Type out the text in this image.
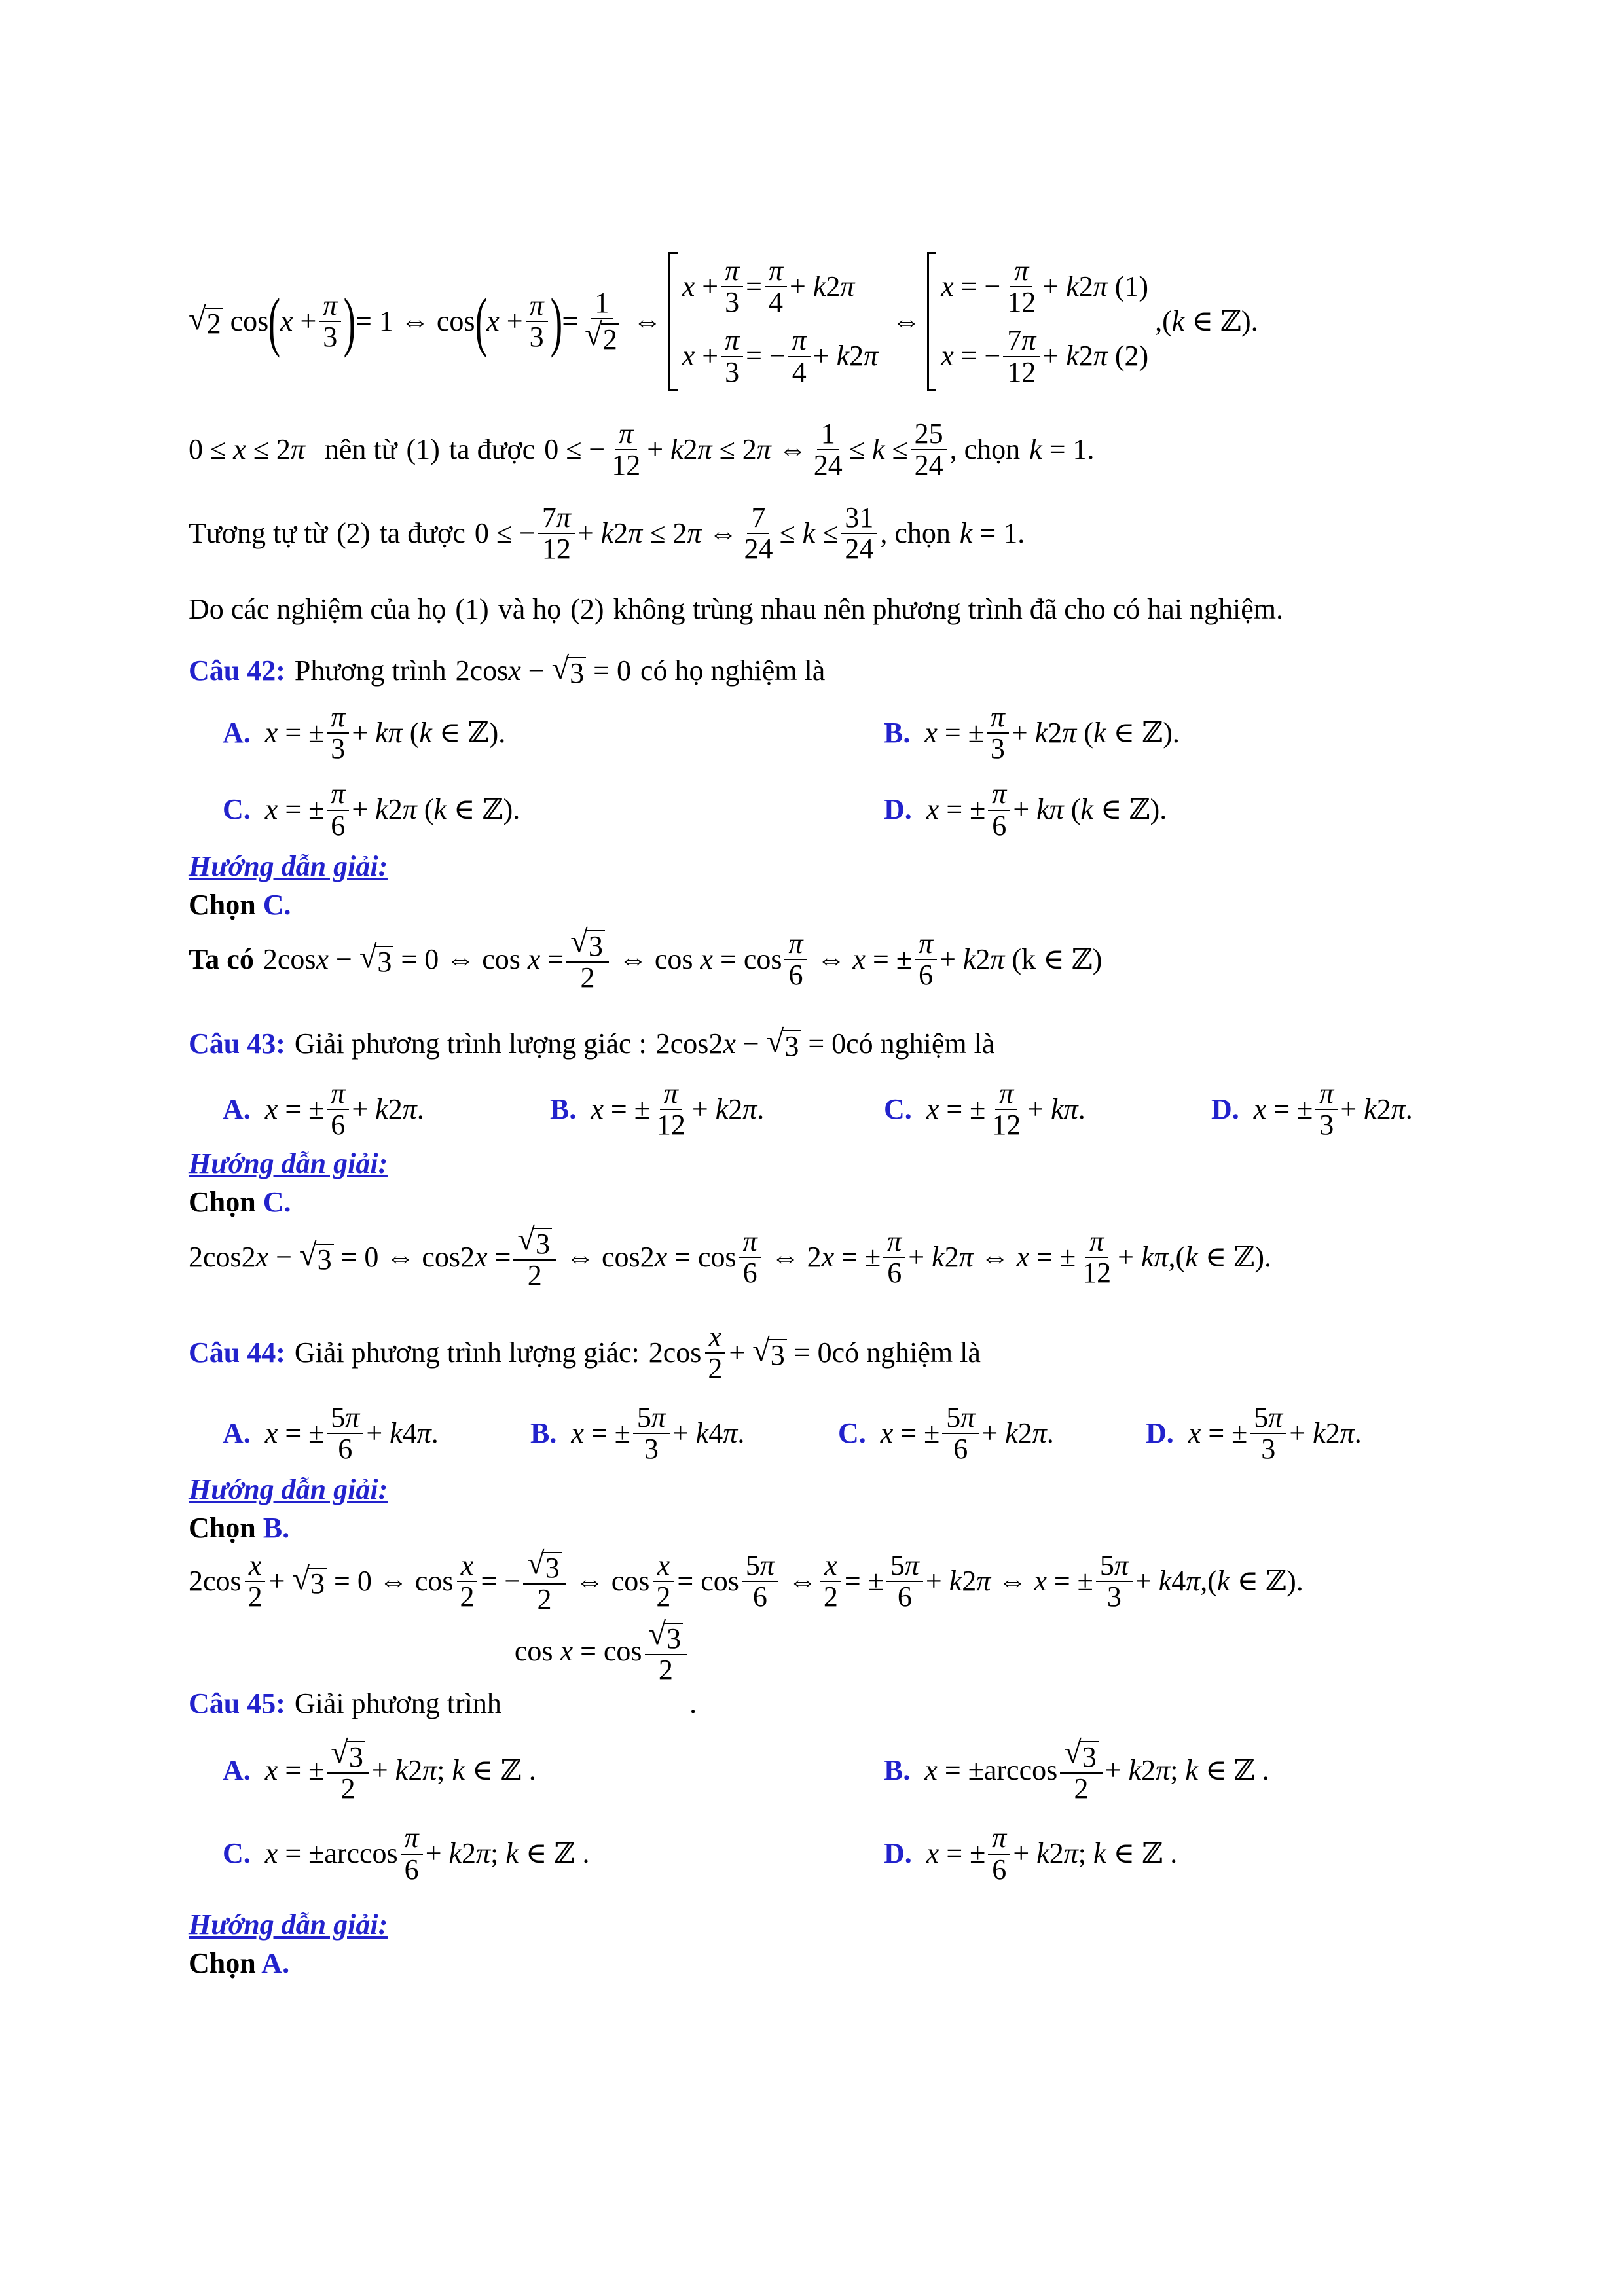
√ 2 cos ( $x + \frac{\pi}{3}$ ) = 1 ⇔ cos ( $x + \frac{\pi}{3}$ ) = $\frac{1}{√ 2}$ ⇔
$x + \frac{\pi}{3} = \frac{\pi}{4} + k$ 2 π
$x + \frac{\pi}{3}$ = − $\frac{\pi}{4} + k$ 2 π
⇔
x = − $\frac{\pi}{12} + k$ 2 π (1)
x = − $\frac{7\pi}{12} + k$ 2 π (2)
,( k ∈ ℤ).
0 ≤ x ≤ 2 π nên từ (1) ta được 0 ≤ − $\frac{\pi}{12} + k$ 2 π ≤ 2 π ⇔ $\frac{1}{24} \le k \le \frac{25}{24}$ , chọn k = 1.
Tương tự từ (2) ta được 0 ≤ − $\frac{7\pi}{12} + k$ 2 π ≤ 2 π ⇔ $\frac{7}{24} \le k \le \frac{31}{24}$ , chọn k = 1.
Do các nghiệm của họ (1) và họ (2) không trùng nhau nên phương trình đã cho có hai nghiệm.
Câu 42: Phương trình 2cos x − √ 3 = 0 có họ nghiệm là
A. x = ± $\frac{\pi}{3} + k\pi$ ( k ∈ ℤ).	B. x = ± $\frac{\pi}{3} + k$ 2 π ( k ∈ ℤ).
C. x = ± $\frac{\pi}{6} + k$ 2 π ( k ∈ ℤ).	D. x = ± $\frac{\pi}{6} + k\pi$ ( k ∈ ℤ).
Hướng dẫn giải:
Chọn C.
Ta có 2cos x − √ 3 = 0 ⇔ $\cos x = \frac{√ 3}{2}$ ⇔ $\cos x = \cos \frac{\pi}{6}$ ⇔ x = ± $\frac{\pi}{6} + k$ 2 π (k ∈ ℤ)
Câu 43: Giải phương trình lượng giác : 2cos2 x − √ 3 = 0 có nghiệm là
A. x = ± $\frac{\pi}{6} + k$ 2 π .	B. x = ± $\frac{\pi}{12} + k$ 2 π .	C. x = ± $\frac{\pi}{12} + k\pi$ .	D. x = ± $\frac{\pi}{3} + k$ 2 π .
Hướng dẫn giải:
Chọn C.
2cos2 x − √ 3 = 0 ⇔ cos2 $x = \frac{√ 3}{2}$ ⇔ cos2 $x = \cos \frac{\pi}{6}$ ⇔ 2 x = ± $\frac{\pi}{6} + k$ 2 π ⇔ x = ± $\frac{\pi}{12} + k\pi$ ,( k ∈ ℤ).
Câu 44: Giải phương trình lượng giác: $2\cos \frac{x}{2}$ + √ 3 = 0 có nghiệm là
A. x = ± $\frac{5\pi}{6} + k$ 4 π .	B. x = ± $\frac{5\pi}{3} + k$ 4 π .	C. x = ± $\frac{5\pi}{6} + k$ 2 π .	D. x = ± $\frac{5\pi}{3} + k$ 2 π .
Hướng dẫn giải:
Chọn B.
$2\cos \frac{x}{2}$ + √ 3 = 0 ⇔ $\cos \frac{x}{2}$ = − $\frac{√ 3}{2}$ ⇔ $\cos \frac{x}{2} = \cos \frac{5\pi}{6}$ ⇔ $\frac{x}{2}$ = ± $\frac{5\pi}{6} + k$ 2 π ⇔ x = ± $\frac{5\pi}{3} + k$ 4 π ,( k ∈ ℤ).
Câu 45: Giải phương trình
$\cos x = \cos \frac{√ 3}{2}$
.
A. x = ± $\frac{√ 3}{2} + k$ 2 π ; k ∈ ℤ .	B. $x = \pm\arccos \frac{√ 3}{2} + k$ 2 π ; k ∈ ℤ .
C. $x = \pm\arccos \frac{\pi}{6} + k$ 2 π ; k ∈ ℤ .	D. x = ± $\frac{\pi}{6} + k$ 2 π ; k ∈ ℤ .
Hướng dẫn giải:
Chọn A.
